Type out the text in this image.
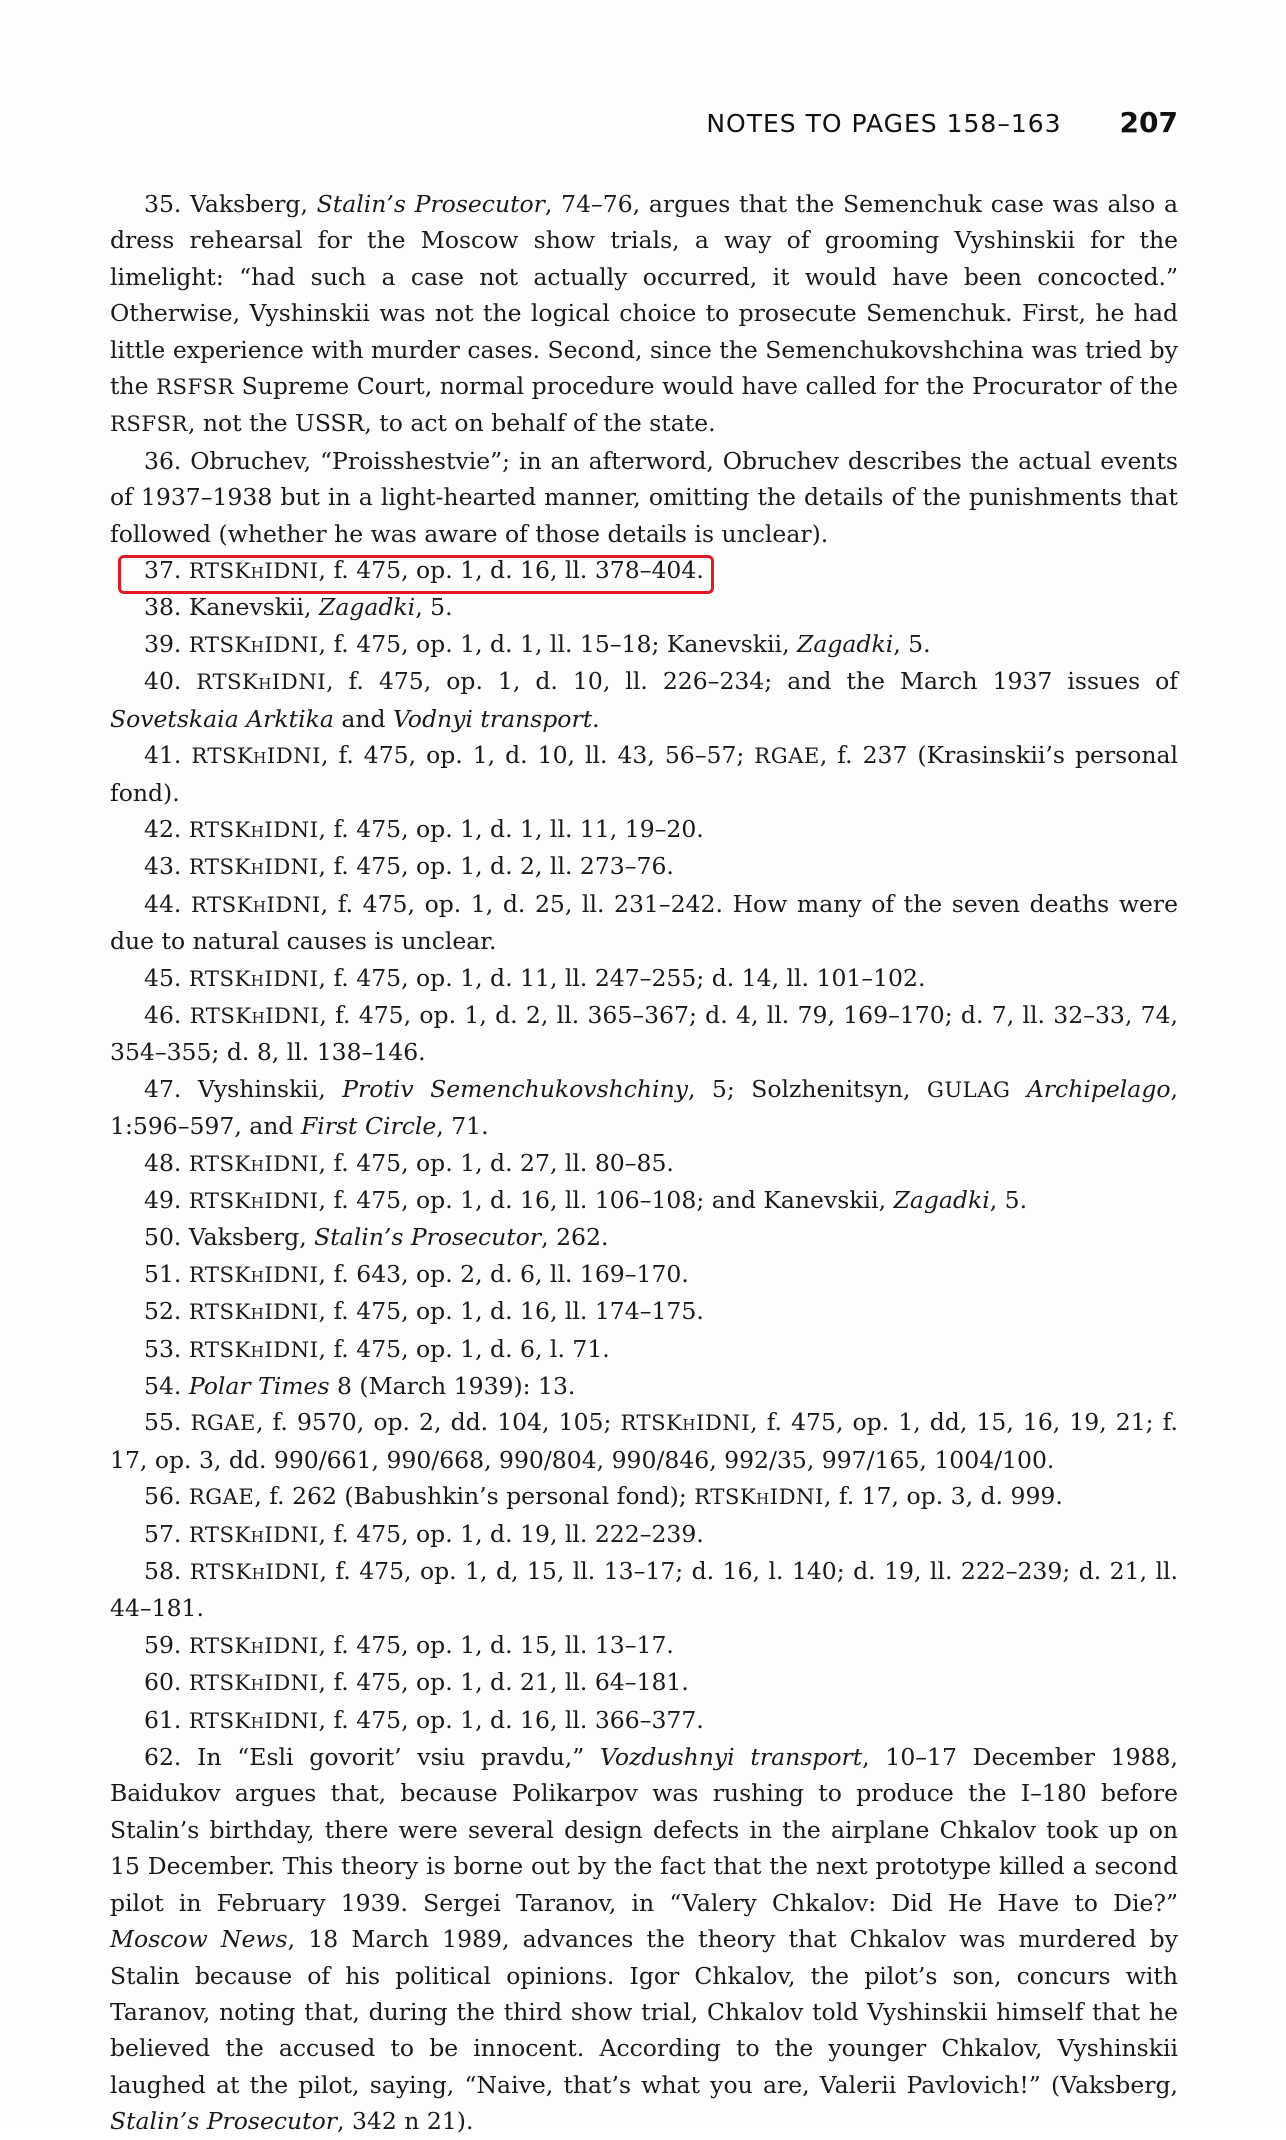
NOTES TO PAGES 158–163 207

35. Vaksberg, Stalin’s Prosecutor, 74–76, argues that the Semenchuk case was also a dress rehearsal for the Moscow show trials, a way of grooming Vyshinskii for the limelight: “had such a case not actually occurred, it would have been concocted.” Otherwise, Vyshinskii was not the logical choice to prosecute Semenchuk. First, he had little experience with murder cases. Second, since the Semenchukovshchina was tried by the RSFSR Supreme Court, normal procedure would have called for the Procurator of the RSFSR, not the USSR, to act on behalf of the state.

36. Obruchev, “Proisshestvie”; in an afterword, Obruchev describes the actual events of 1937–1938 but in a light-hearted manner, omitting the details of the punishments that followed (whether he was aware of those details is unclear).

37. RTSKhIDNI, f. 475, op. 1, d. 16, ll. 378–404.

38. Kanevskii, Zagadki, 5.

39. RTSKhIDNI, f. 475, op. 1, d. 1, ll. 15–18; Kanevskii, Zagadki, 5.

40. RTSKhIDNI, f. 475, op. 1, d. 10, ll. 226–234; and the March 1937 issues of Sovetskaia Arktika and Vodnyi transport.

41. RTSKhIDNI, f. 475, op. 1, d. 10, ll. 43, 56–57; RGAE, f. 237 (Krasinskii’s personal fond).

42. RTSKhIDNI, f. 475, op. 1, d. 1, ll. 11, 19–20.

43. RTSKhIDNI, f. 475, op. 1, d. 2, ll. 273–76.

44. RTSKhIDNI, f. 475, op. 1, d. 25, ll. 231–242. How many of the seven deaths were due to natural causes is unclear.

45. RTSKhIDNI, f. 475, op. 1, d. 11, ll. 247–255; d. 14, ll. 101–102.

46. RTSKhIDNI, f. 475, op. 1, d. 2, ll. 365–367; d. 4, ll. 79, 169–170; d. 7, ll. 32–33, 74, 354–355; d. 8, ll. 138–146.

47. Vyshinskii, Protiv Semenchukovshchiny, 5; Solzhenitsyn, GULAG Archipelago, 1:596–597, and First Circle, 71.

48. RTSKhIDNI, f. 475, op. 1, d. 27, ll. 80–85.

49. RTSKhIDNI, f. 475, op. 1, d. 16, ll. 106–108; and Kanevskii, Zagadki, 5.

50. Vaksberg, Stalin’s Prosecutor, 262.

51. RTSKhIDNI, f. 643, op. 2, d. 6, ll. 169–170.

52. RTSKhIDNI, f. 475, op. 1, d. 16, ll. 174–175.

53. RTSKhIDNI, f. 475, op. 1, d. 6, l. 71.

54. Polar Times 8 (March 1939): 13.

55. RGAE, f. 9570, op. 2, dd. 104, 105; RTSKhIDNI, f. 475, op. 1, dd, 15, 16, 19, 21; f. 17, op. 3, dd. 990/661, 990/668, 990/804, 990/846, 992/35, 997/165, 1004/100.

56. RGAE, f. 262 (Babushkin’s personal fond); RTSKhIDNI, f. 17, op. 3, d. 999.

57. RTSKhIDNI, f. 475, op. 1, d. 19, ll. 222–239.

58. RTSKhIDNI, f. 475, op. 1, d, 15, ll. 13–17; d. 16, l. 140; d. 19, ll. 222–239; d. 21, ll. 44–181.

59. RTSKhIDNI, f. 475, op. 1, d. 15, ll. 13–17.

60. RTSKhIDNI, f. 475, op. 1, d. 21, ll. 64–181.

61. RTSKhIDNI, f. 475, op. 1, d. 16, ll. 366–377.

62. In “Esli govorit’ vsiu pravdu,” Vozdushnyi transport, 10–17 December 1988, Baidukov argues that, because Polikarpov was rushing to produce the I–180 before Stalin’s birthday, there were several design defects in the airplane Chkalov took up on 15 December. This theory is borne out by the fact that the next prototype killed a second pilot in February 1939. Sergei Taranov, in “Valery Chkalov: Did He Have to Die?” Moscow News, 18 March 1989, advances the theory that Chkalov was murdered by Stalin because of his political opinions. Igor Chkalov, the pilot’s son, concurs with Taranov, noting that, during the third show trial, Chkalov told Vyshinskii himself that he believed the accused to be innocent. According to the younger Chkalov, Vyshinskii laughed at the pilot, saying, “Naive, that’s what you are, Valerii Pavlovich!” (Vaksberg, Stalin’s Prosecutor, 342 n 21).
